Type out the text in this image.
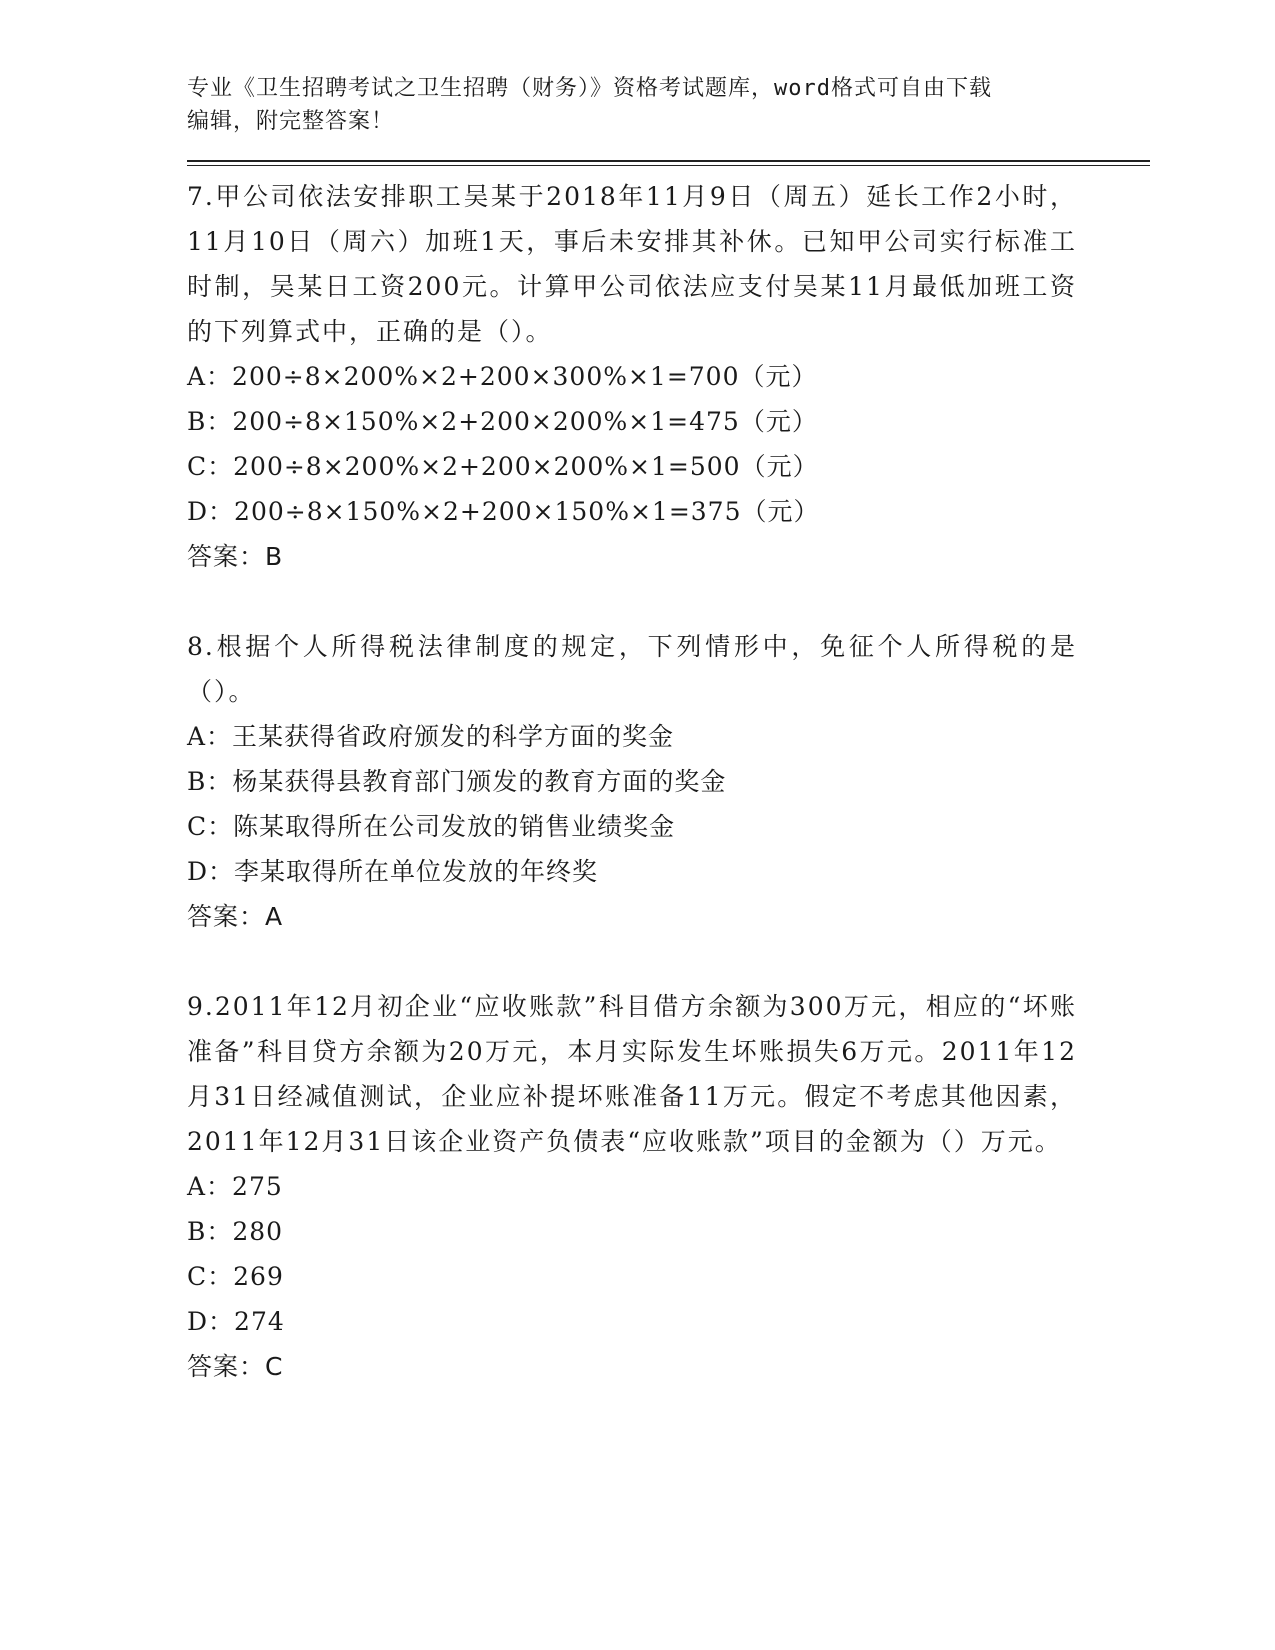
专业《卫生招聘考试之卫生招聘（财务）》资格考试题库，word格式可自由下载

编辑，附完整答案！

7.甲公司依法安排职工吴某于2018年11月9日（周五）延长工作2小时，11月10日（周六）加班1天，事后未安排其补休。已知甲公司实行标准工时制，吴某日工资200元。计算甲公司依法应支付吴某11月最低加班工资的下列算式中，正确的是（）。

A：200÷8×200%×2+200×300%×1=700（元）

B：200÷8×150%×2+200×200%×1=475（元）

C：200÷8×200%×2+200×200%×1=500（元）

D：200÷8×150%×2+200×150%×1=375（元）

答案：B

8.根据个人所得税法律制度的规定，下列情形中，免征个人所得税的是（）。

A：王某获得省政府颁发的科学方面的奖金

B：杨某获得县教育部门颁发的教育方面的奖金

C：陈某取得所在公司发放的销售业绩奖金

D：李某取得所在单位发放的年终奖

答案：A

9.2011年12月初企业“应收账款”科目借方余额为300万元，相应的“坏账准备”科目贷方余额为20万元，本月实际发生坏账损失6万元。2011年12月31日经减值测试，企业应补提坏账准备11万元。假定不考虑其他因素，2011年12月31日该企业资产负债表“应收账款”项目的金额为（）万元。

A：275

B：280

C：269

D：274

答案：C
